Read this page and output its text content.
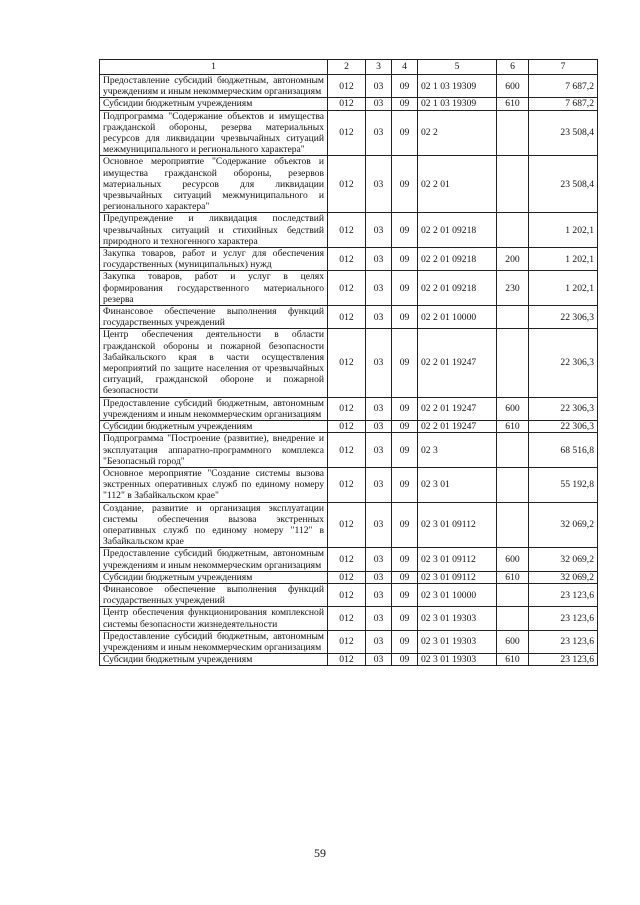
1	2	3	4	5	6	7
Предоставление субсидий бюджетным, автономным учреждениям и иным некоммерческим организациям	012	03	09	02 1 03 19309	600	7 687,2
Субсидии бюджетным учреждениям	012	03	09	02 1 03 19309	610	7 687,2
Подпрограмма "Содержание объектов и имущества гражданской обороны, резерва материальных ресурсов для ликвидации чрезвычайных ситуаций межмуниципального и регионального характера"	012	03	09	02 2		23 508,4
Основное мероприятие "Содержание объектов и имущества гражданской обороны, резервов материальных ресурсов для ликвидации чрезвычайных ситуаций межмуниципального и регионального характера"	012	03	09	02 2 01		23 508,4
Предупреждение и ликвидация последствий чрезвычайных ситуаций и стихийных бедствий природного и техногенного характера	012	03	09	02 2 01 09218		1 202,1
Закупка товаров, работ и услуг для обеспечения государственных (муниципальных) нужд	012	03	09	02 2 01 09218	200	1 202,1
Закупка товаров, работ и услуг в целях формирования государственного материального резерва	012	03	09	02 2 01 09218	230	1 202,1
Финансовое обеспечение выполнения функций государственных учреждений	012	03	09	02 2 01 10000		22 306,3
Центр обеспечения деятельности в области гражданской обороны и пожарной безопасности Забайкальского края в части осуществления мероприятий по защите населения от чрезвычайных ситуаций, гражданской обороне и пожарной безопасности	012	03	09	02 2 01 19247		22 306,3
Предоставление субсидий бюджетным, автономным учреждениям и иным некоммерческим организациям	012	03	09	02 2 01 19247	600	22 306,3
Субсидии бюджетным учреждениям	012	03	09	02 2 01 19247	610	22 306,3
Подпрограмма "Построение (развитие), внедрение и эксплуатация аппаратно-программного комплекса "Безопасный город"	012	03	09	02 3		68 516,8
Основное мероприятие "Создание системы вызова экстренных оперативных служб по единому номеру "112" в Забайкальском крае"	012	03	09	02 3 01		55 192,8
Создание, развитие и организация эксплуатации системы обеспечения вызова экстренных оперативных служб по единому номеру "112" в Забайкальском крае	012	03	09	02 3 01 09112		32 069,2
Предоставление субсидий бюджетным, автономным учреждениям и иным некоммерческим организациям	012	03	09	02 3 01 09112	600	32 069,2
Субсидии бюджетным учреждениям	012	03	09	02 3 01 09112	610	32 069,2
Финансовое обеспечение выполнения функций государственных учреждений	012	03	09	02 3 01 10000		23 123,6
Центр обеспечения функционирования комплексной системы безопасности жизнедеятельности	012	03	09	02 3 01 19303		23 123,6
Предоставление субсидий бюджетным, автономным учреждениям и иным некоммерческим организациям	012	03	09	02 3 01 19303	600	23 123,6
Субсидии бюджетным учреждениям	012	03	09	02 3 01 19303	610	23 123,6
59
